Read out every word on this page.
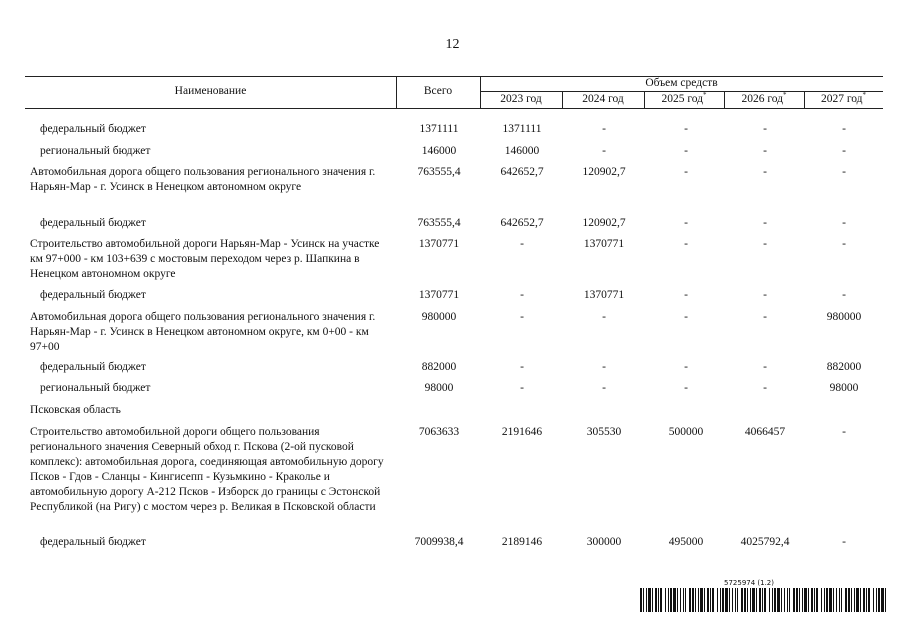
12
Наименование	Всего
Объем средств
2023 год	2024 год	2025 год*	2026 год*	2027 год*
федеральный бюджет	1371111	1371111	-	-	-	-
региональный бюджет	146000	146000	-	-	-	-
Автомобильная дорога общего пользования регионального значения г. Нарьян-Мар - г. Усинск в Ненецком автономном округе
763555,4	642652,7	120902,7	-	-	-
федеральный бюджет	763555,4	642652,7	120902,7	-	-	-
Строительство автомобильной дороги Нарьян-Мар - Усинск на участке км 97+000 - км 103+639 с мостовым переходом через р. Шапкина в Ненецком автономном округе
1370771	-	1370771	-	-	-
федеральный бюджет	1370771	-	1370771	-	-	-
Автомобильная дорога общего пользования регионального значения г. Нарьян-Мар - г. Усинск в Ненецком автономном округе, км 0+00 - км 97+00
980000	-	-	-	-	980000
федеральный бюджет	882000	-	-	-	-	882000
региональный бюджет	98000	-	-	-	-	98000
Псковская область
Строительство автомобильной дороги общего пользования регионального значения Северный обход г. Пскова (2-ой пусковой комплекс): автомобильная дорога, соединяющая автомобильную дорогу Псков - Гдов - Сланцы - Кингисепп - Кузьмкино - Краколье и автомобильную дорогу А-212 Псков - Изборск до границы с Эстонской Республикой (на Ригу) с мостом через р. Великая в Псковской области
7063633	2191646	305530	500000	4066457	-
федеральный бюджет	7009938,4	2189146	300000	495000	4025792,4	-
5725974 (1.2)
